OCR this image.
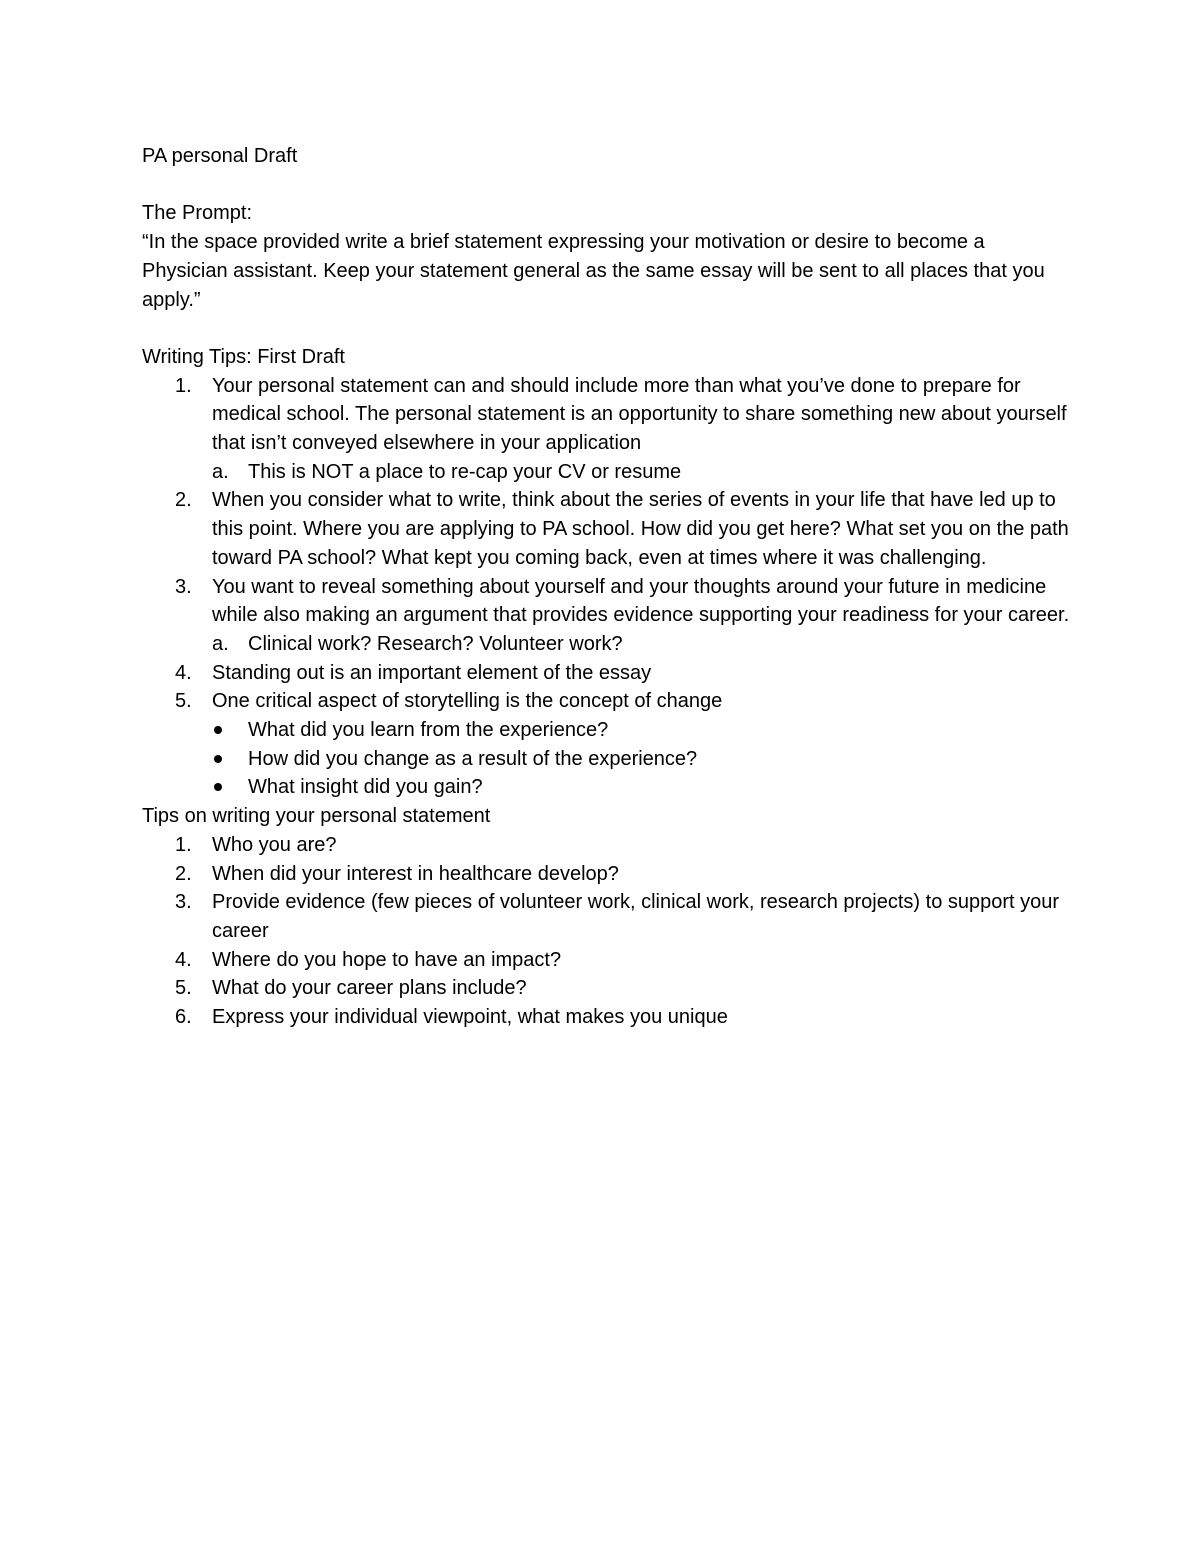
PA personal Draft

The Prompt:

“In the space provided write a brief statement expressing your motivation or desire to become a Physician assistant. Keep your statement general as the same essay will be sent to all places that you apply.”

Writing Tips: First Draft

1.	Your personal statement can and should include more than what you’ve done to prepare for medical school. The personal statement is an opportunity to share something new about yourself that isn’t conveyed elsewhere in your application
a. This is NOT a place to re-cap your CV or resume
2.	When you consider what to write, think about the series of events in your life that have led up to this point. Where you are applying to PA school. How did you get here? What set you on the path toward PA school? What kept you coming back, even at times where it was challenging.
3.	You want to reveal something about yourself and your thoughts around your future in medicine while also making an argument that provides evidence supporting your readiness for your career.
a. Clinical work? Research? Volunteer work?
4.	Standing out is an important element of the essay
5.	One critical aspect of storytelling is the concept of change
What did you learn from the experience?
How did you change as a result of the experience?
What insight did you gain?

Tips on writing your personal statement

1.	Who you are?
2.	When did your interest in healthcare develop?
3.	Provide evidence (few pieces of volunteer work, clinical work, research projects) to support your career
4.	Where do you hope to have an impact?
5.	What do your career plans include?
6.	Express your individual viewpoint, what makes you unique
